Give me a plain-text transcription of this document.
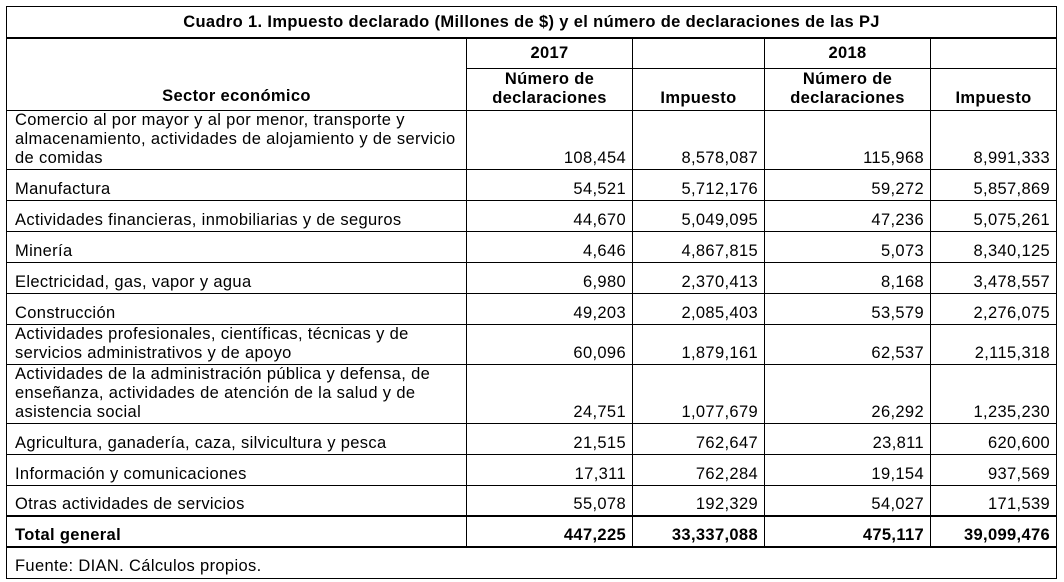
Cuadro 1. Impuesto declarado (Millones de $) y el número de declaraciones de las PJ				
Sector económico	2017		2018	
	Número de declaraciones	Impuesto	Número de declaraciones	Impuesto
Comercio al por mayor y al por menor, transporte y almacenamiento, actividades de alojamiento y de servicio de comidas	108,454	8,578,087	115,968	8,991,333
Manufactura	54,521	5,712,176	59,272	5,857,869
Actividades financieras, inmobiliarias y de seguros	44,670	5,049,095	47,236	5,075,261
Minería	4,646	4,867,815	5,073	8,340,125
Electricidad, gas, vapor y agua	6,980	2,370,413	8,168	3,478,557
Construcción	49,203	2,085,403	53,579	2,276,075
Actividades profesionales, científicas, técnicas y de servicios administrativos y de apoyo	60,096	1,879,161	62,537	2,115,318
Actividades de la administración pública y defensa, de enseñanza, actividades de atención de la salud y de asistencia social	24,751	1,077,679	26,292	1,235,230
Agricultura, ganadería, caza, silvicultura y pesca	21,515	762,647	23,811	620,600
Información y comunicaciones	17,311	762,284	19,154	937,569
Otras actividades de servicios	55,078	192,329	54,027	171,539
Total general	447,225	33,337,088	475,117	39,099,476
Fuente: DIAN. Cálculos propios.				
